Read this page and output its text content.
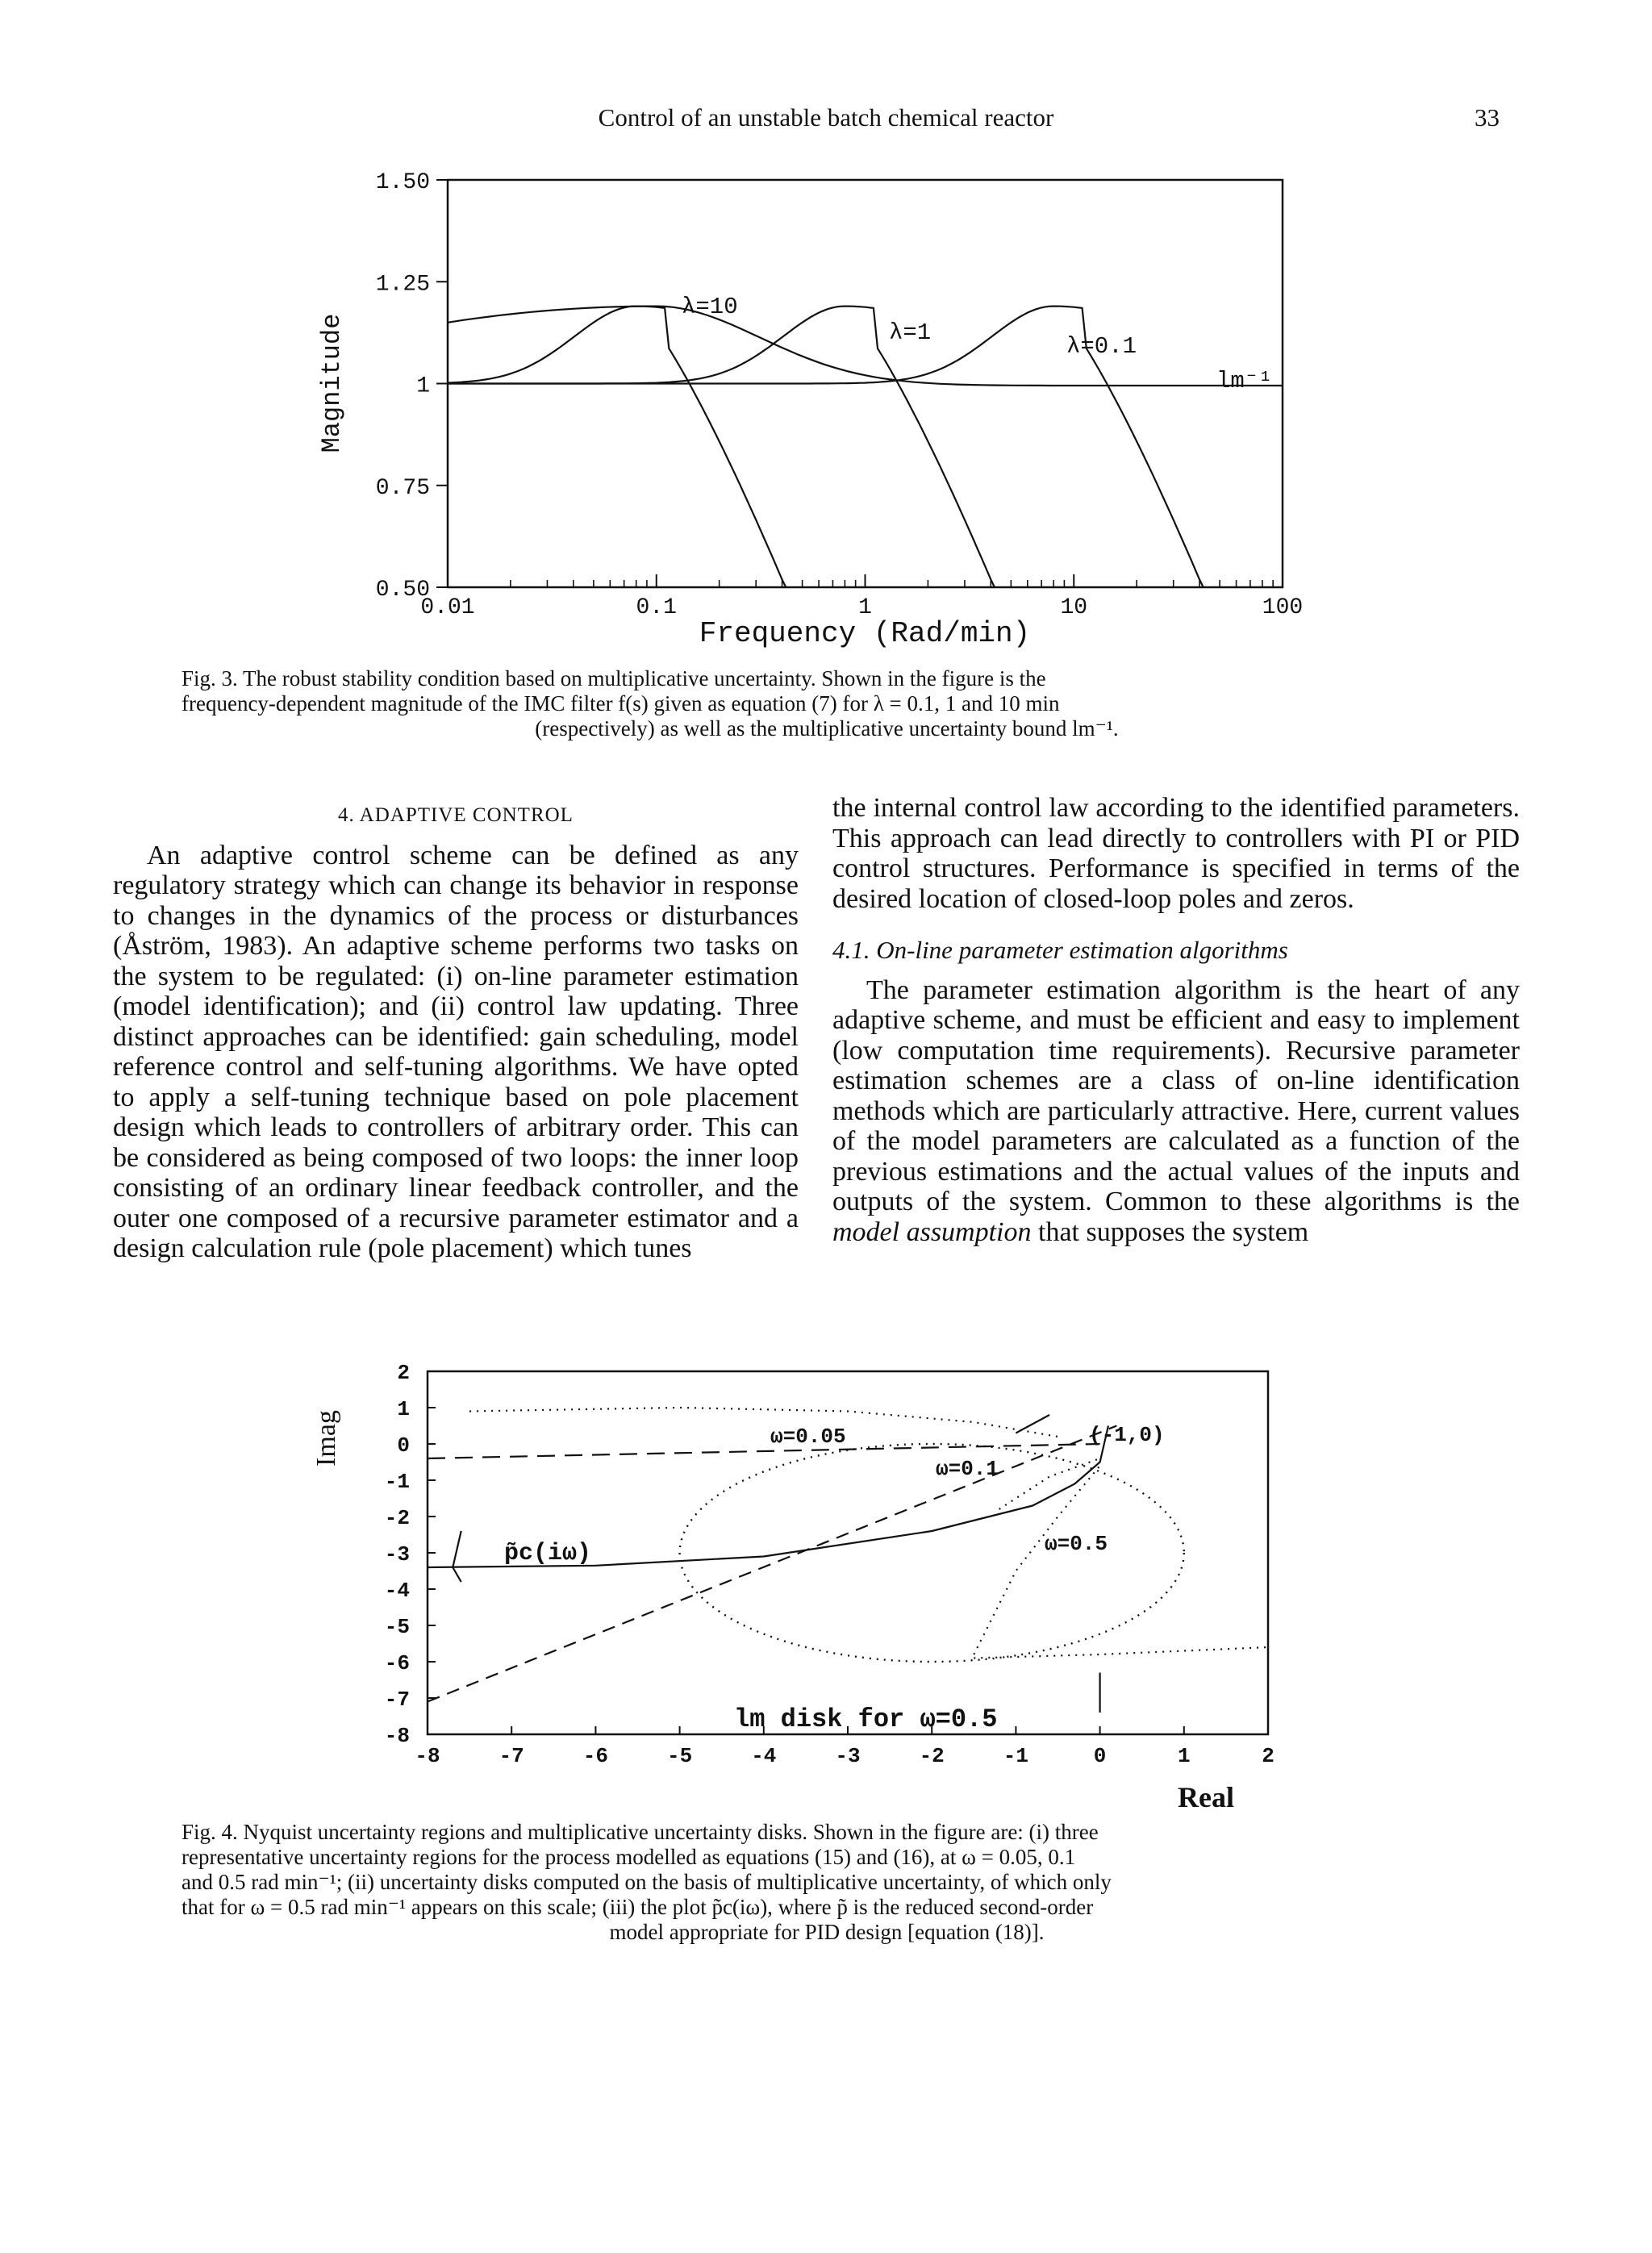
Control of an unstable batch chemical reactor	33
1.50
1.25
1
0.75
0.50
0.01	0.1	1	10	100
Magnitude
Frequency (Rad/min)
λ=10
λ=1
λ=0.1
lm⁻¹
Fig. 3. The robust stability condition based on multiplicative uncertainty. Shown in the figure is the
frequency-dependent magnitude of the IMC filter f(s) given as equation (7) for λ = 0.1, 1 and 10 min
(respectively) as well as the multiplicative uncertainty bound lm⁻¹.
4. ADAPTIVE CONTROL

An adaptive control scheme can be defined as any regulatory strategy which can change its behavior in response to changes in the dynamics of the process or disturbances (Åström, 1983). An adaptive scheme performs two tasks on the system to be regulated: (i) on-line parameter estimation (model identification); and (ii) control law updating. Three distinct approaches can be identified: gain scheduling, model reference control and self-tuning algorithms. We have opted to apply a self-tuning technique based on pole placement design which leads to controllers of arbitrary order. This can be considered as being composed of two loops: the inner loop consisting of an ordinary linear feedback controller, and the outer one composed of a recursive parameter estimator and a design calculation rule (pole placement) which tunes

the internal control law according to the identified parameters. This approach can lead directly to controllers with PI or PID control structures. Performance is specified in terms of the desired location of closed-loop poles and zeros.

4.1. On-line parameter estimation algorithms

The parameter estimation algorithm is the heart of any adaptive scheme, and must be efficient and easy to implement (low computation time requirements). Recursive parameter estimation schemes are a class of on-line identification methods which are particularly attractive. Here, current values of the model parameters are calculated as a function of the previous estimations and the actual values of the inputs and outputs of the system. Common to these algorithms is the model assumption that supposes the system

2
-8
1
-7
0
-6
-1
-5
-2
-4
-3
-3
-4
-2
-5
-1
-6
0
-7
1
-8
2
Imag
Real
ω=0.05	(-1,0)
ω=0.1
p̃c(iω)	ω=0.5
lm disk for ω=0.5
Fig. 4. Nyquist uncertainty regions and multiplicative uncertainty disks. Shown in the figure are: (i) three
representative uncertainty regions for the process modelled as equations (15) and (16), at ω = 0.05, 0.1
and 0.5 rad min⁻¹; (ii) uncertainty disks computed on the basis of multiplicative uncertainty, of which only
that for ω = 0.5 rad min⁻¹ appears on this scale; (iii) the plot p̃c(iω), where p̃ is the reduced second-order
model appropriate for PID design [equation (18)].
